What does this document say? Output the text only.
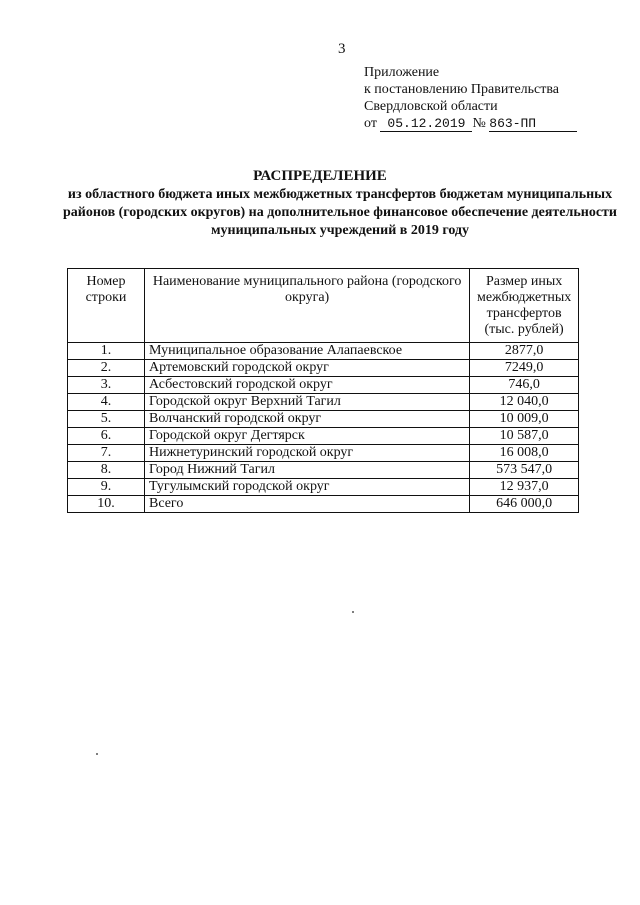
3
Приложение
к постановлению Правительства
Свердловской области
от 05.12.2019 № 863-ПП
РАСПРЕДЕЛЕНИЕ
из областного бюджета иных межбюджетных трансфертов бюджетам муниципальных районов (городских округов) на дополнительное финансовое обеспечение деятельности муниципальных учреждений в 2019 году
Номер строки	Наименование муниципального района (городского округа)	Размер иных межбюджетных трансфертов (тыс. рублей)
1.	Муниципальное образование Алапаевское	2877,0
2.	Артемовский городской округ	7249,0
3.	Асбестовский городской округ	746,0
4.	Городской округ Верхний Тагил	12 040,0
5.	Волчанский городской округ	10 009,0
6.	Городской округ Дегтярск	10 587,0
7.	Нижнетуринский городской округ	16 008,0
8.	Город Нижний Тагил	573 547,0
9.	Тугулымский городской округ	12 937,0
10.	Всего	646 000,0
